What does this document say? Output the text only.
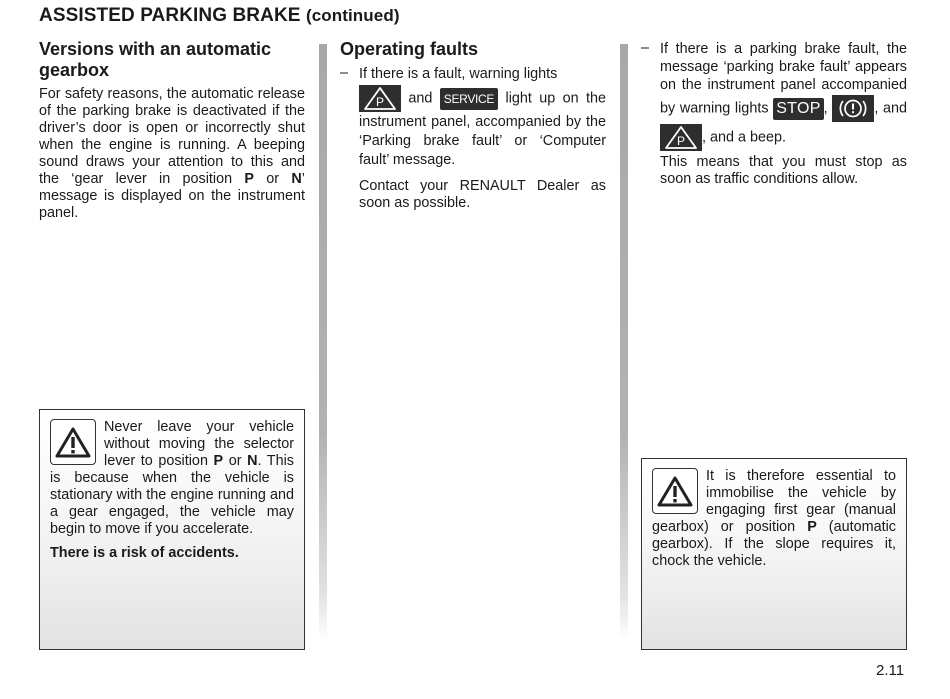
ASSISTED PARKING BRAKE (continued)
Versions with an automatic gearbox

For safety reasons, the automatic release of the parking brake is deactivated if the driver’s door is open or incorrectly shut when the engine is running. A beeping sound draws your attention to this and the ‘gear lever in position P or N’ message is displayed on the instrument panel.

Never leave your vehicle without moving the selector lever to position P or N. This is because when the vehicle is stationary with the engine running and a gear engaged, the vehicle may begin to move if you accelerate.

There is a risk of accidents.

Operating faults
– If there is a fault, warning lights

P and SERVICE light up on the instrument panel, accompanied by the ‘Parking brake fault’ or ‘Computer fault’ message.

Contact your RENAULT Dealer as soon as possible.

– If there is a parking brake fault, the message ‘parking brake fault’ appears on the instrument panel accompanied by warning lights STOP ,	, and
P , and a beep.

This means that you must stop as soon as traffic conditions allow.

It is therefore essential to immobilise the vehicle by engaging first gear (manual gearbox) or position P (automatic gearbox). If the slope requires it, chock the vehicle.

2.11
